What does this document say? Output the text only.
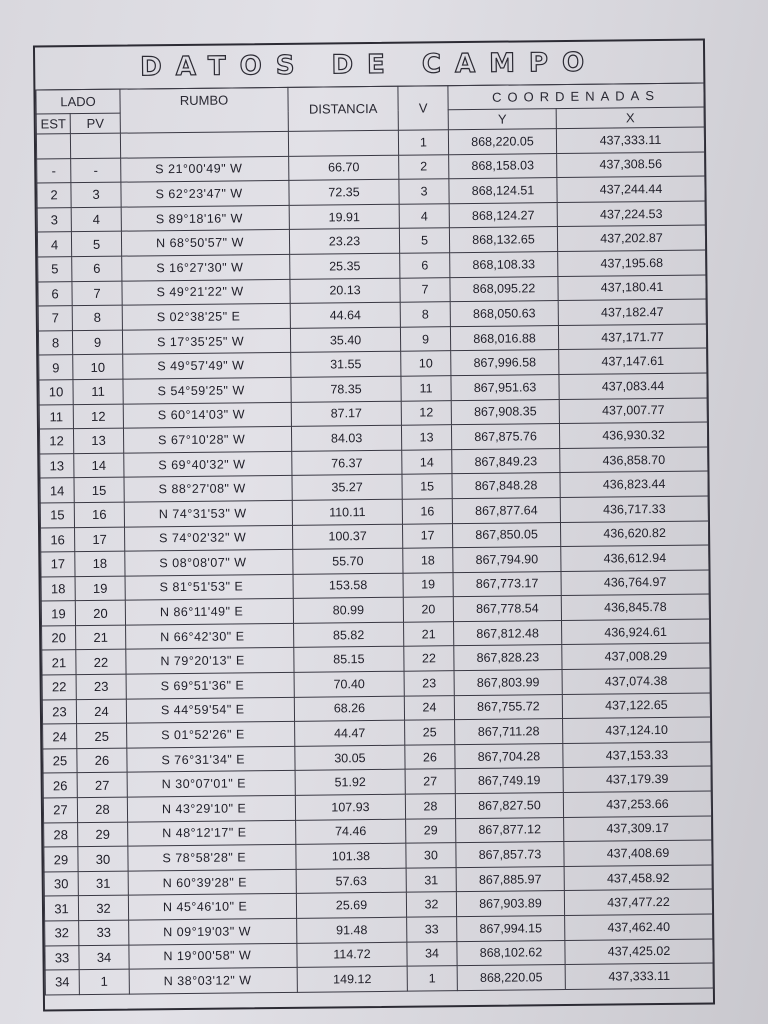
DATOS DE CAMPO
LADO		RUMBO	DISTANCIA	V	COORDENADAS	
EST	PV				Y	X
				1	868,220.05	437,333.11
-	-	S 21°00'49" W	66.70	2	868,158.03	437,308.56
2	3	S 62°23'47" W	72.35	3	868,124.51	437,244.44
3	4	S 89°18'16" W	19.91	4	868,124.27	437,224.53
4	5	N 68°50'57" W	23.23	5	868,132.65	437,202.87
5	6	S 16°27'30" W	25.35	6	868,108.33	437,195.68
6	7	S 49°21'22" W	20.13	7	868,095.22	437,180.41
7	8	S 02°38'25" E	44.64	8	868,050.63	437,182.47
8	9	S 17°35'25" W	35.40	9	868,016.88	437,171.77
9	10	S 49°57'49" W	31.55	10	867,996.58	437,147.61
10	11	S 54°59'25" W	78.35	11	867,951.63	437,083.44
11	12	S 60°14'03" W	87.17	12	867,908.35	437,007.77
12	13	S 67°10'28" W	84.03	13	867,875.76	436,930.32
13	14	S 69°40'32" W	76.37	14	867,849.23	436,858.70
14	15	S 88°27'08" W	35.27	15	867,848.28	436,823.44
15	16	N 74°31'53" W	110.11	16	867,877.64	436,717.33
16	17	S 74°02'32" W	100.37	17	867,850.05	436,620.82
17	18	S 08°08'07" W	55.70	18	867,794.90	436,612.94
18	19	S 81°51'53" E	153.58	19	867,773.17	436,764.97
19	20	N 86°11'49" E	80.99	20	867,778.54	436,845.78
20	21	N 66°42'30" E	85.82	21	867,812.48	436,924.61
21	22	N 79°20'13" E	85.15	22	867,828.23	437,008.29
22	23	S 69°51'36" E	70.40	23	867,803.99	437,074.38
23	24	S 44°59'54" E	68.26	24	867,755.72	437,122.65
24	25	S 01°52'26" E	44.47	25	867,711.28	437,124.10
25	26	S 76°31'34" E	30.05	26	867,704.28	437,153.33
26	27	N 30°07'01" E	51.92	27	867,749.19	437,179.39
27	28	N 43°29'10" E	107.93	28	867,827.50	437,253.66
28	29	N 48°12'17" E	74.46	29	867,877.12	437,309.17
29	30	S 78°58'28" E	101.38	30	867,857.73	437,408.69
30	31	N 60°39'28" E	57.63	31	867,885.97	437,458.92
31	32	N 45°46'10" E	25.69	32	867,903.89	437,477.22
32	33	N 09°19'03" W	91.48	33	867,994.15	437,462.40
33	34	N 19°00'58" W	114.72	34	868,102.62	437,425.02
34	1	N 38°03'12" W	149.12	1	868,220.05	437,333.11
